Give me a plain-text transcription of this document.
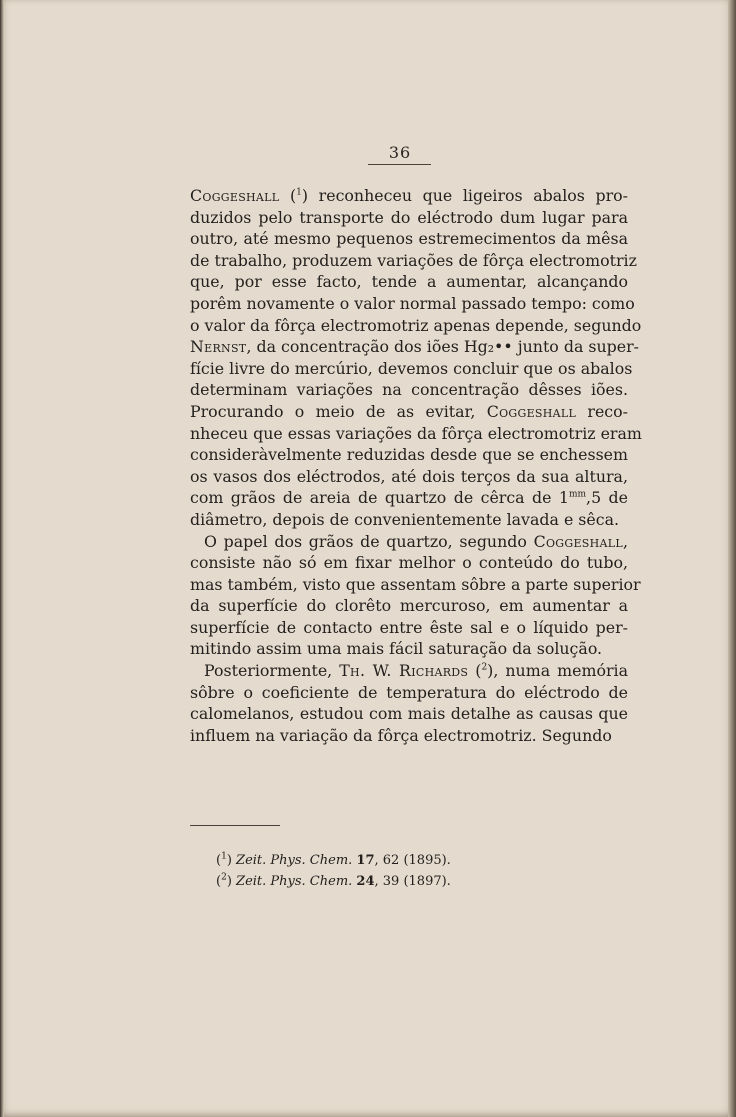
36
Coggeshall ($^1$) reconheceu que ligeiros abalos pro-
duzidos pelo transporte do eléctrodo dum lugar para
outro, até mesmo pequenos estremecimentos da mêsa
de trabalho, produzem variações de fôrça electromotriz
que, por esse facto, tende a aumentar, alcançando
porêm novamente o valor normal passado tempo: como
o valor da fôrça electromotriz apenas depende, segundo
Nernst, da concentração dos iões Hg₂•• junto da super-
fície livre do mercúrio, devemos concluir que os abalos
determinam variações na concentração dêsses iões.
Procurando o meio de as evitar, Coggeshall reco-
nheceu que essas variações da fôrça electromotriz eram
consideràvelmente reduzidas desde que se enchessem
os vasos dos eléctrodos, até dois terços da sua altura,
com grãos de areia de quartzo de cêrca de $1^{mm},5$ de
diâmetro, depois de convenientemente lavada e sêca.
O papel dos grãos de quartzo, segundo Coggeshall,
consiste não só em fixar melhor o conteúdo do tubo,
mas também, visto que assentam sôbre a parte superior
da superfície do clorêto mercuroso, em aumentar a
superfície de contacto entre êste sal e o líquido per-
mitindo assim uma mais fácil saturação da solução.
Posteriormente, Th. W. Richards ($^2$), numa memória
sôbre o coeficiente de temperatura do eléctrodo de
calomelanos, estudou com mais detalhe as causas que
influem na variação da fôrça electromotriz. Segundo
($^1$) Zeit. Phys. Chem. 17, 62 (1895).
($^2$) Zeit. Phys. Chem. 24, 39 (1897).
